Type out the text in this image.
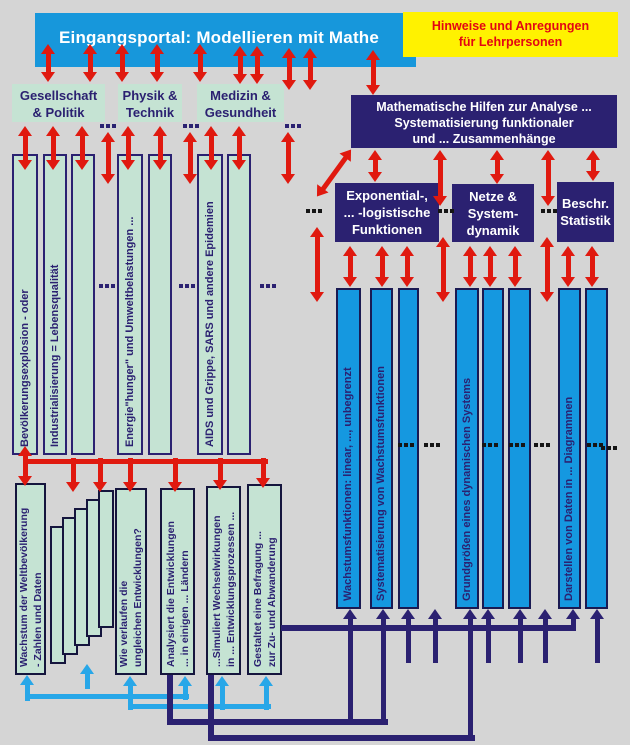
Eingangsportal: Modellieren mit Mathe
Hinweise und Anregungen
für Lehrpersonen
Gesellschaft
& Politik
Physik &
Technik
Medizin &
Gesundheit	Mathematische Hilfen zur Analyse ...
Systematisierung funktionaler
und ... Zusammenhänge
Exponential-,
... -logistische
Funktionen
Netze &
System-
dynamik
Beschr.
Statistik
Bevölkerungsexplosion - oder Industrialisierung = Lebensqualität	Energie"hunger" und Umweltbelastungen ...	AIDS und Grippe, SARS und andere Epidemien
Wachstum der Weltbevölkerung - Zahlen und Daten	Wie verlaufen die ungleichen Entwicklungen? Analysiert die Entwicklungen ... in einigen ... Ländern ...Simuliert Wechselwirkungen in ... Entwicklungsprozessen ... Gestaltet eine Befragung ... zur Zu- und Abwanderung
Wachstumsfunktionen: linear, ..., unbegrenzt Systematisierung von Wachstumsfunktionen	Grundgrößen eines dynamischen Systems	Darstellen von Daten in ... Diagrammen
